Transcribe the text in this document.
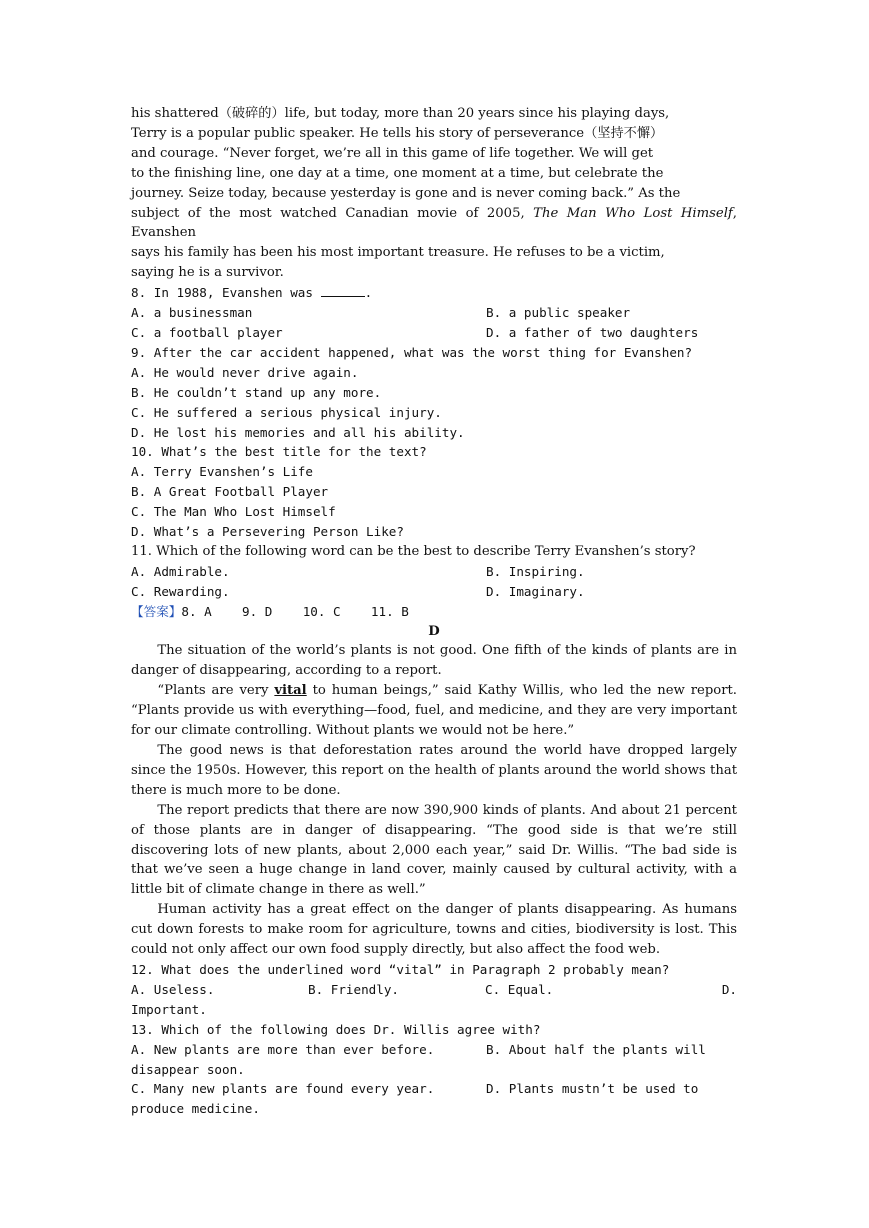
his shattered（破碎的）life, but today, more than 20 years since his playing days,
Terry is a popular public speaker. He tells his story of perseverance（坚持不懈）
and courage. “Never forget, we’re all in this game of life together. We will get
to the finishing line, one day at a time, one moment at a time, but celebrate the
journey. Seize today, because yesterday is gone and is never coming back.” As the
subject of the most watched Canadian movie of 2005, The Man Who Lost Himself, Evanshen
says his family has been his most important treasure. He refuses to be a victim,
saying he is a survivor.

8. In 1988, Evanshen was	.
A. a businessman	B. a public speaker
C. a football player	D. a father of two daughters
9. After the car accident happened, what was the worst thing for Evanshen?
A. He would never drive again.
B. He couldn’t stand up any more.
C. He suffered a serious physical injury.
D. He lost his memories and all his ability.
10. What’s the best title for the text?
A. Terry Evanshen’s Life
B. A Great Football Player
C. The Man Who Lost Himself
D. What’s a Persevering Person Like?
11. Which of the following word can be the best to describe Terry Evanshen’s story?
A. Admirable.	B. Inspiring.
C. Rewarding.	D. Imaginary.
【答案】8. A    9. D    10. C    11. B
D

The situation of the world’s plants is not good. One fifth of the kinds of plants are in danger of disappearing, according to a report.

“Plants are very vital to human beings,” said Kathy Willis, who led the new report. “Plants provide us with everything—food, fuel, and medicine, and they are very important for our climate controlling. Without plants we would not be here.”

The good news is that deforestation rates around the world have dropped largely since the 1950s. However, this report on the health of plants around the world shows that there is much more to be done.

The report predicts that there are now 390,900 kinds of plants. And about 21 percent of those plants are in danger of disappearing. “The good side is that we’re still discovering lots of new plants, about 2,000 each year,” said Dr. Willis. “The bad side is that we’ve seen a huge change in land cover, mainly caused by cultural activity, with a little bit of climate change in there as well.”

Human activity has a great effect on the danger of plants disappearing. As humans cut down forests to make room for agriculture, towns and cities, biodiversity is lost. This could not only affect our own food supply directly, but also affect the food web.

12. What does the underlined word “vital” in Paragraph 2 probably mean?
A. Useless.	B. Friendly.	C. Equal.	D.
Important.
13. Which of the following does Dr. Willis agree with?
A. New plants are more than ever before.	B. About half the plants will
disappear soon.
C. Many new plants are found every year.	D. Plants mustn’t be used to
produce medicine.
